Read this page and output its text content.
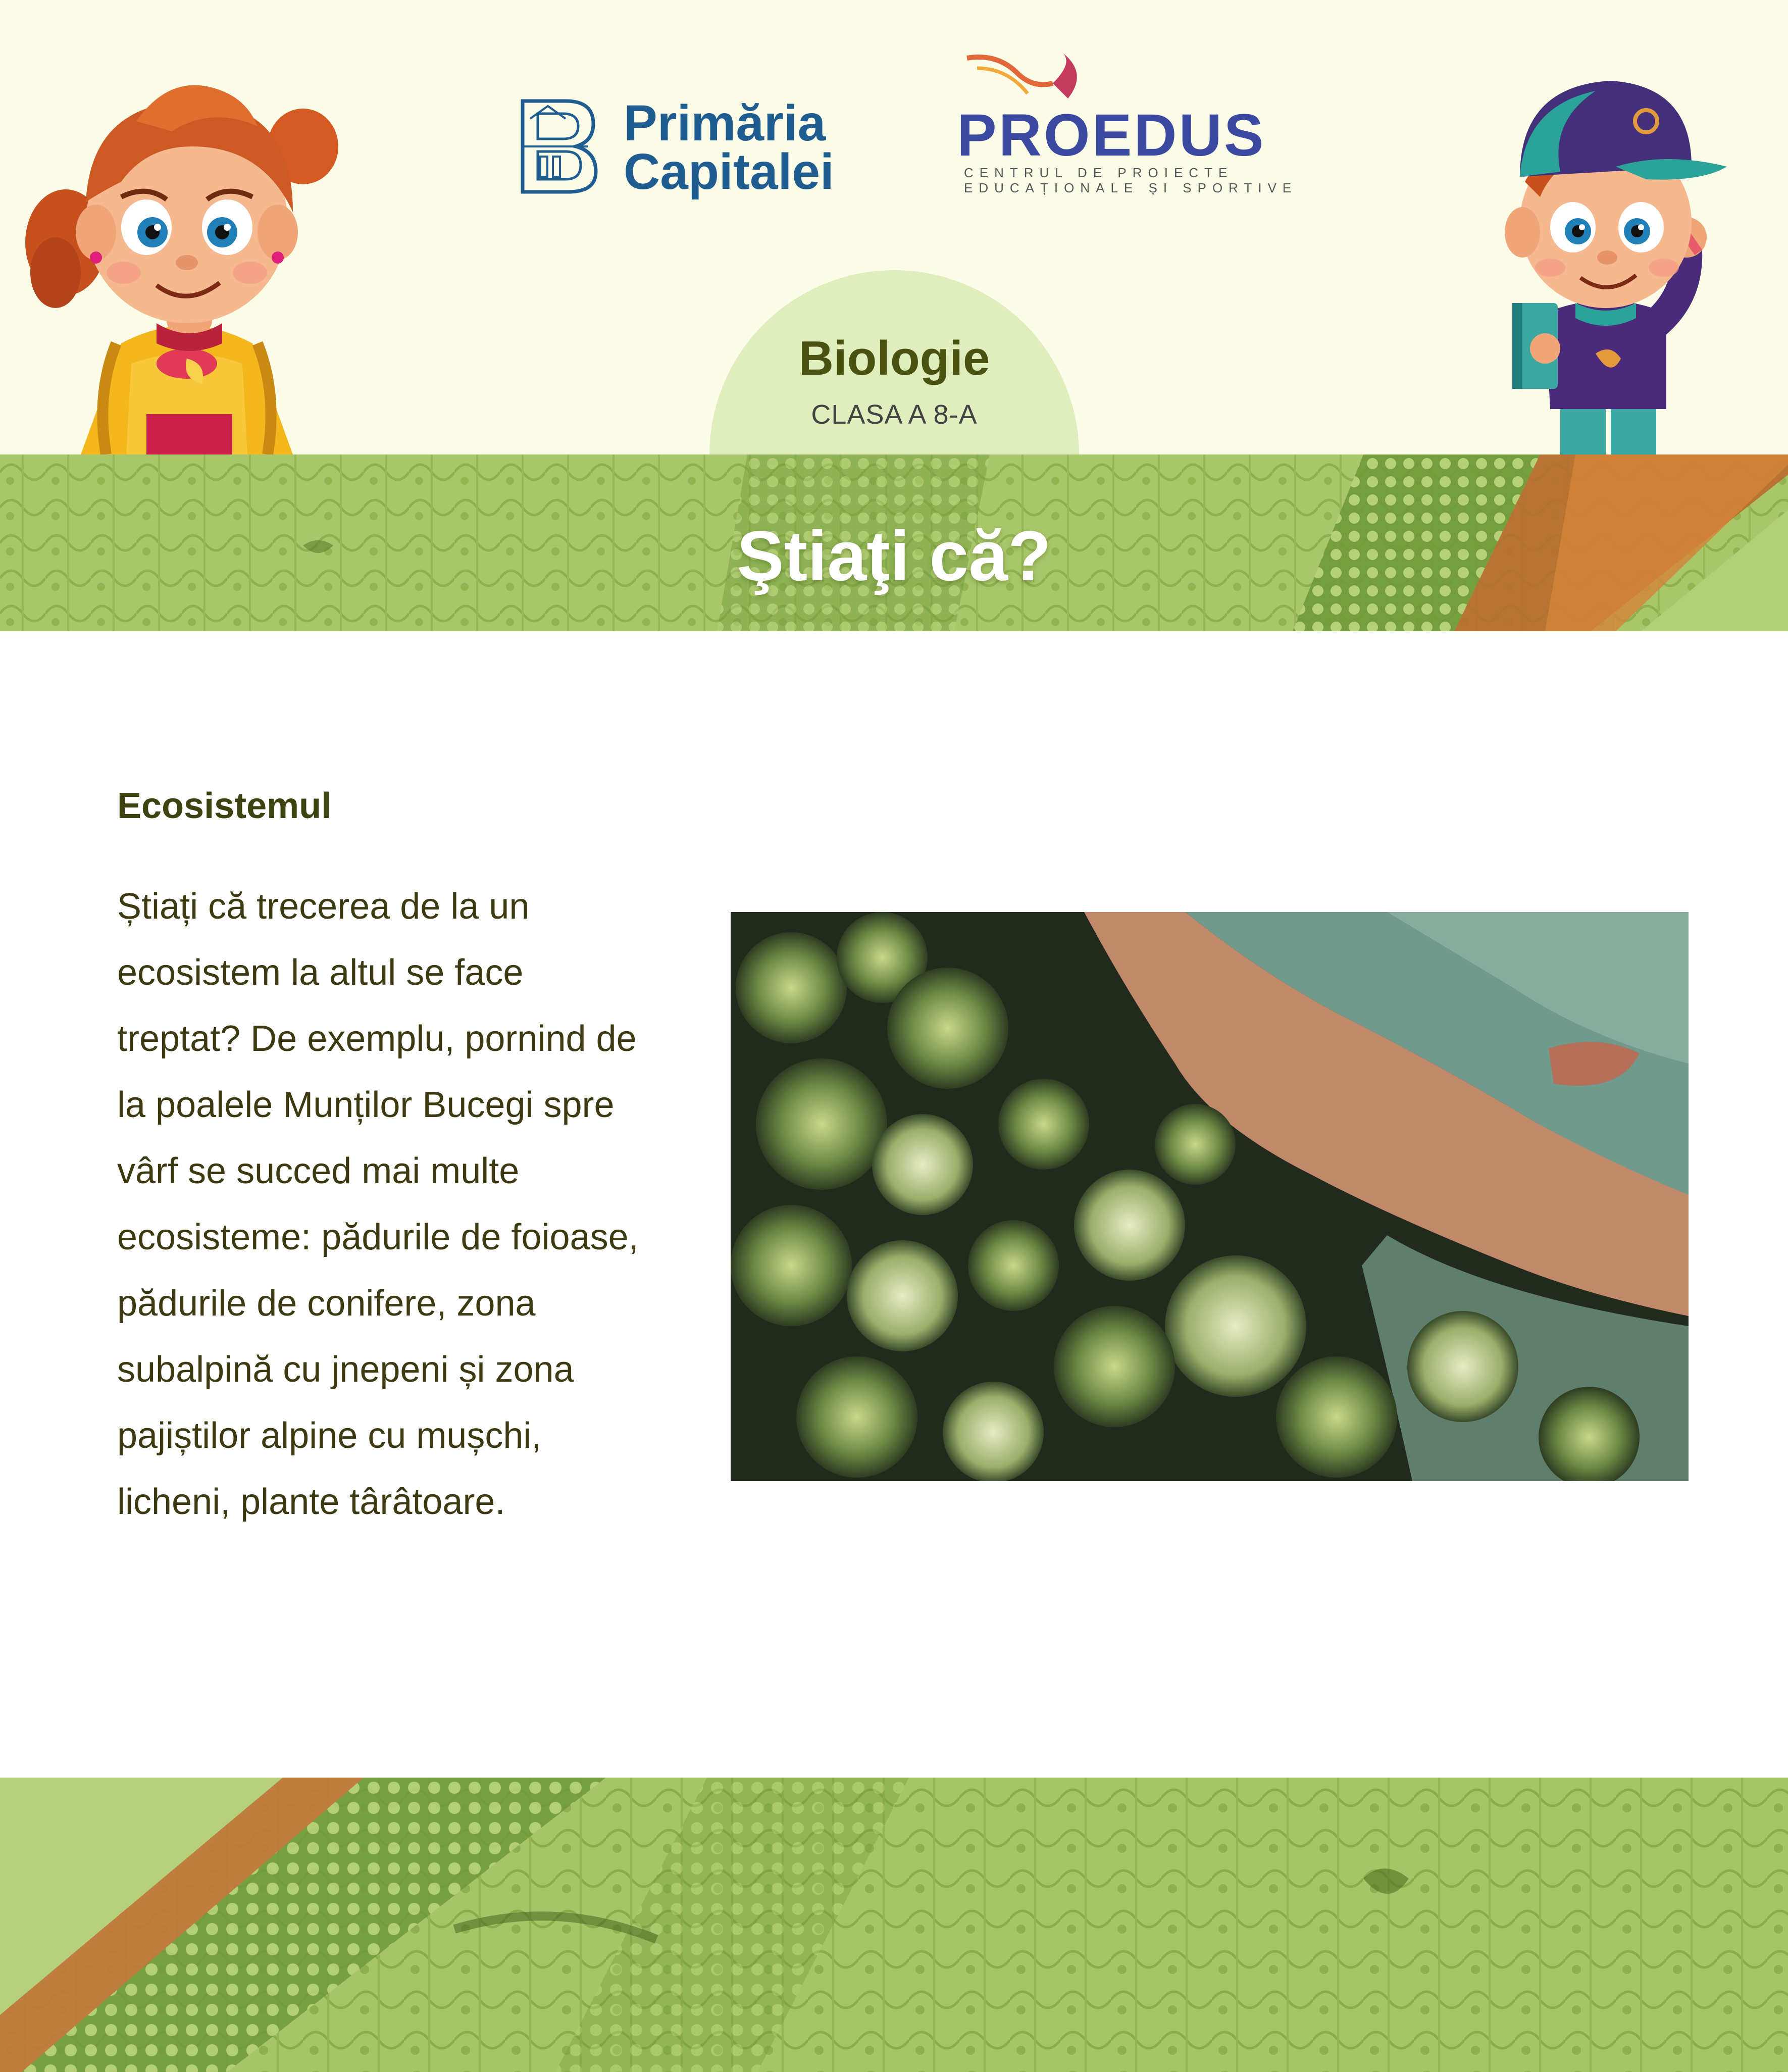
Primăria
Capitalei
PROEDUS
CENTRUL DE PROIECTE
EDUCAȚIONALE ȘI SPORTIVE
Biologie
CLASA A 8-A
Ştiaţi că?
Ecosistemul
Știați că trecerea de la un
ecosistem la altul se face
treptat? De exemplu, pornind de
la poalele Munților Bucegi spre
vârf se succed mai multe
ecosisteme: pădurile de foioase,
pădurile de conifere, zona
subalpină cu jnepeni și zona
pajiștilor alpine cu mușchi,
licheni, plante târâtoare.
